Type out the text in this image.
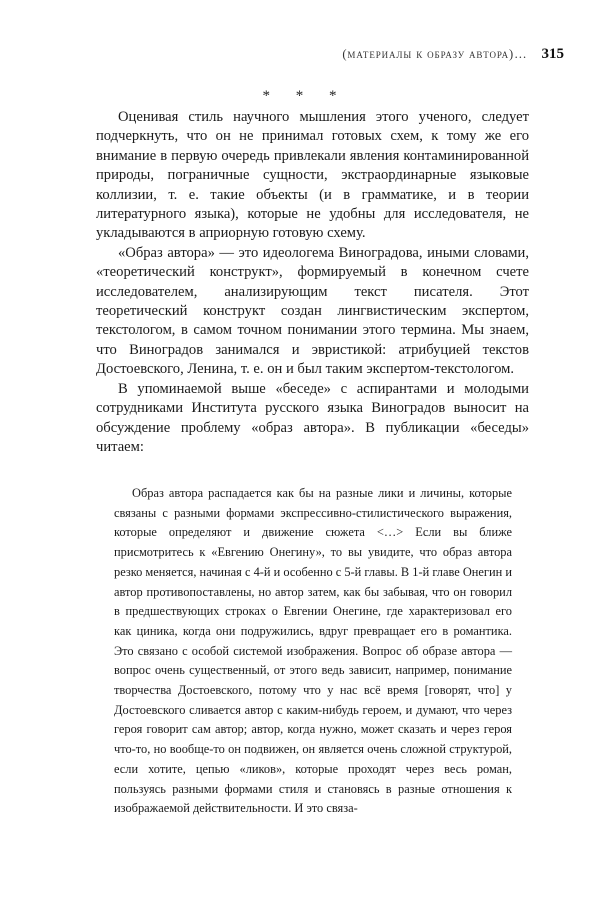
(материалы к образу автора)… 315
* * *

Оценивая стиль научного мышления этого ученого, следует подчеркнуть, что он не принимал готовых схем, к тому же его внимание в первую очередь привлекали явления контаминированной природы, пограничные сущности, экстраординарные языковые коллизии, т. е. такие объекты (и в грамматике, и в теории литературного языка), которые не удобны для исследователя, не укладываются в априорную готовую схему.

«Образ автора» — это идеологема Виноградова, иными словами, «теоретический конструкт», формируемый в конечном счете исследователем, анализирующим текст писателя. Этот теоретический конструкт создан лингвистическим экспертом, текстологом, в самом точном понимании этого термина. Мы знаем, что Виноградов занимался и эвристикой: атрибуцией текстов Достоевского, Ленина, т. е. он и был таким экспертом-текстологом.

В упоминаемой выше «беседе» с аспирантами и молодыми сотрудниками Института русского языка Виноградов выносит на обсуждение проблему «образ автора». В публикации «беседы» читаем:

Образ автора распадается как бы на разные лики и личины, которые связаны с разными формами экспрессивно-стилистического выражения, которые определяют и движение сюжета <…> Если вы ближе присмотритесь к «Евгению Онегину», то вы увидите, что образ автора резко меняется, начиная с 4-й и особенно с 5-й главы. В 1-й главе Онегин и автор противопоставлены, но автор затем, как бы забывая, что он говорил в предшествующих строках о Евгении Онегине, где характеризовал его как циника, когда они подружились, вдруг превращает его в романтика. Это связано с особой системой изображения. Вопрос об образе автора — вопрос очень существенный, от этого ведь зависит, например, понимание творчества Достоевского, потому что у нас всё время [говорят, что] у Достоевского сливается автор с каким-нибудь героем, и думают, что через героя говорит сам автор; автор, когда нужно, может сказать и через героя что-то, но вообще-то он подвижен, он является очень сложной структурой, если хотите, цепью «ликов», которые проходят через весь роман, пользуясь разными формами стиля и становясь в разные отношения к изображаемой действительности. И это связа-
